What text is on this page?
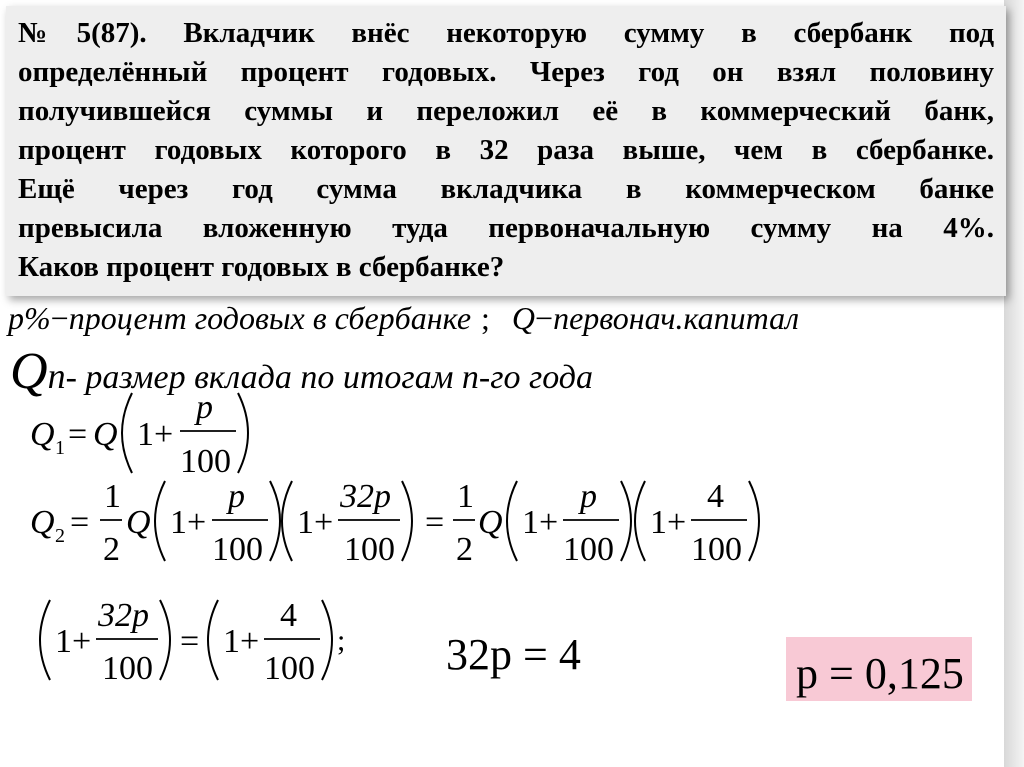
№5(87). Вкладчик внёс некоторую сумму в сбербанк под
определённый процент годовых. Через год он взял половину
получившейся суммы и переложил её в коммерческий банк,
процент годовых которого в 32 раза выше, чем в сбербанке.
Ещё через год сумма вкладчика в коммерческом банке
превысила вложенную туда первоначальную сумму на 4%.
Каков процент годовых в сбербанке?
p%−процент годовых в сбербанке ; Q−первонач.капитал
Qn- размер вклада по итогам n-го года
Q 1 = Q 1+
p
100
Q 2 =
1
2
Q 1+
p
100
1+
32p
100
=
1
2
Q 1+
p
100
1+
4
100
1+
32p
100
= 1+
4
100
; 32p = 4	p = 0,125
